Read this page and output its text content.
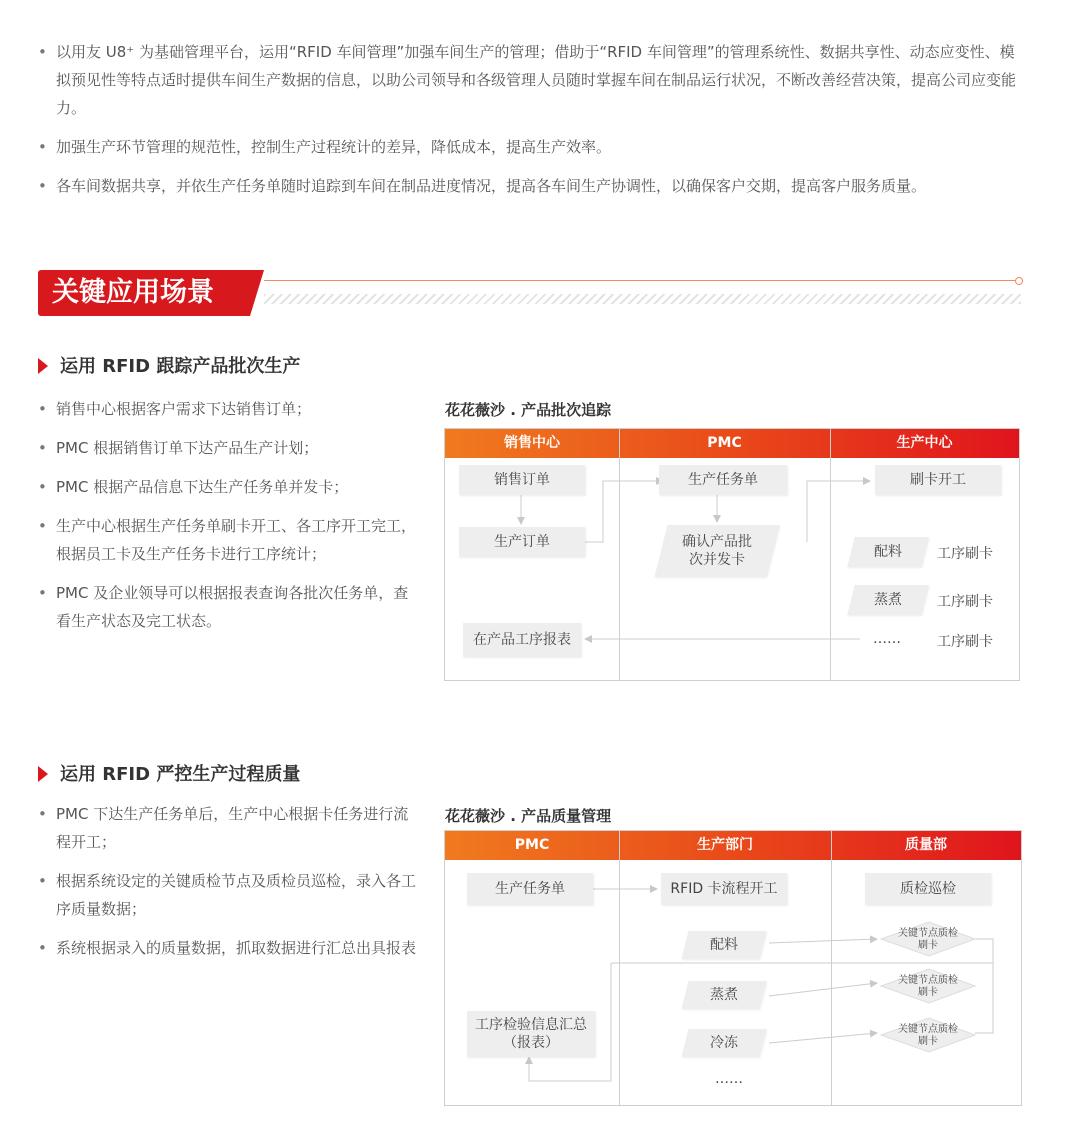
• 以用友 U8⁺ 为基础管理平台，运用“RFID 车间管理”加强车间生产的管理；借助于“RFID 车间管理”的管理系统性、数据共享性、动态应变性、模拟预见性等特点适时提供车间生产数据的信息，以助公司领导和各级管理人员随时掌握车间在制品运行状况，不断改善经营决策，提高公司应变能力。
• 加强生产环节管理的规范性，控制生产过程统计的差异，降低成本，提高生产效率。
• 各车间数据共享，并依生产任务单随时追踪到车间在制品进度情况，提高各车间生产协调性，以确保客户交期，提高客户服务质量。
关键应用场景
运用 RFID 跟踪产品批次生产
• 销售中心根据客户需求下达销售订单；
• PMC 根据销售订单下达产品生产计划；
• PMC 根据产品信息下达生产任务单并发卡；
• 生产中心根据生产任务单刷卡开工、各工序开工完工，根据员工卡及生产任务卡进行工序统计；
• PMC 及企业领导可以根据报表查询各批次任务单，查看生产状态及完工状态。
花花薇沙 . 产品批次追踪
销售中心	PMC	生产中心
销售订单
生产订单
在产品工序报表
生产任务单
确认产品批次并发卡
刷卡开工
配料
蒸煮
……
工序刷卡
工序刷卡
工序刷卡
运用 RFID 严控生产过程质量
• PMC 下达生产任务单后，生产中心根据卡任务进行流程开工；
• 根据系统设定的关键质检节点及质检员巡检，录入各工序质量数据；
• 系统根据录入的质量数据，抓取数据进行汇总出具报表
花花薇沙 . 产品质量管理
PMC	生产部门	质量部
生产任务单
工序检验信息汇总
（报表）
RFID 卡流程开工
配料
蒸煮
冷冻
……
质检巡检
关键节点质检
刷卡
关键节点质检
刷卡
关键节点质检
刷卡
